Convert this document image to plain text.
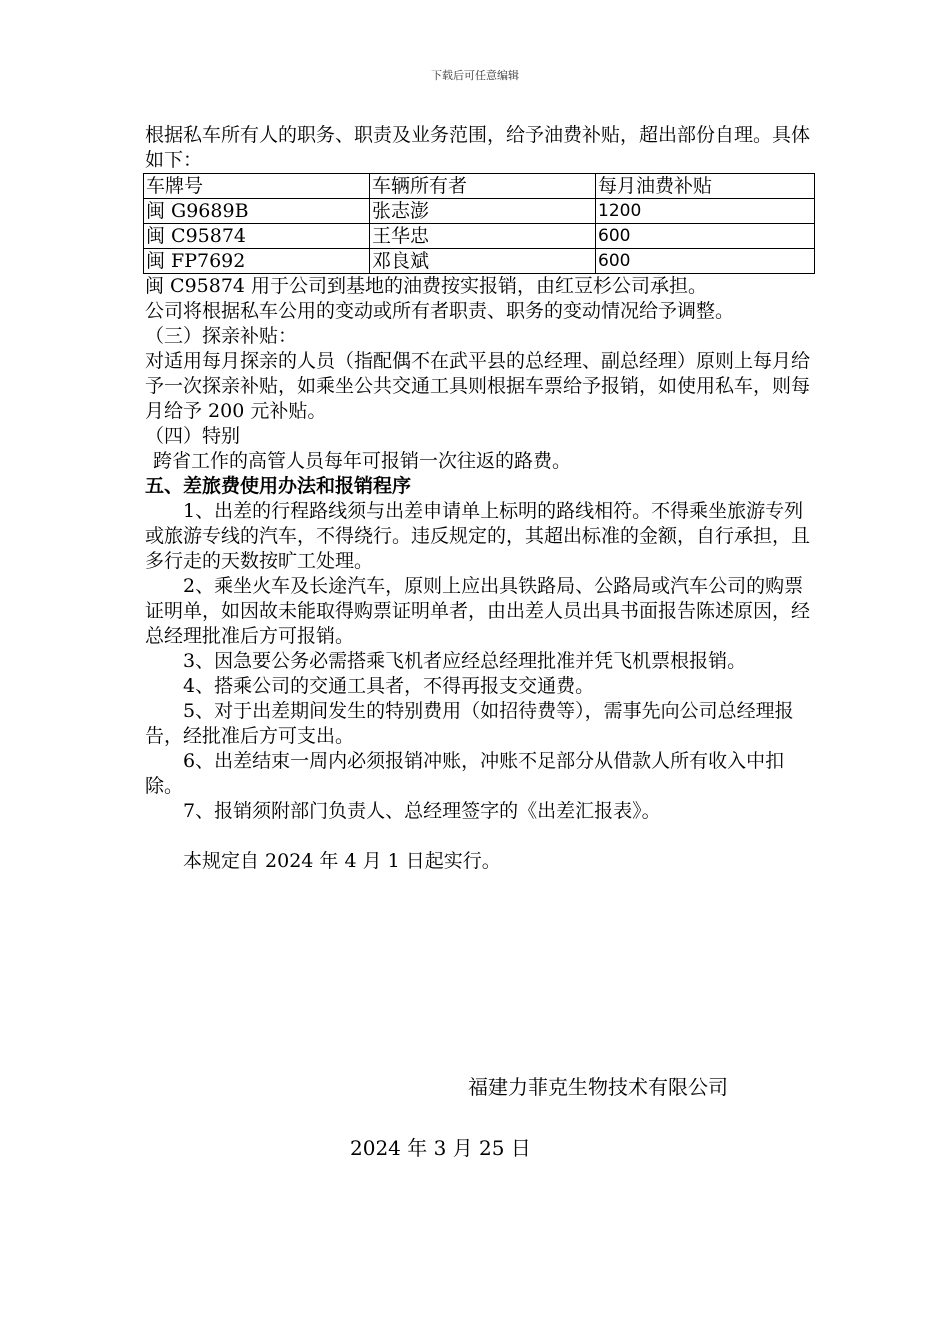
下载后可任意编辑

根据私车所有人的职务、职责及业务范围，给予油费补贴，超出部份自理。具体如下：

车牌号	车辆所有者	每月油费补贴
闽 G9689B	张志澎	1200
闽 C95874	王华忠	600
闽 FP7692	邓良斌	600

闽 C95874 用于公司到基地的油费按实报销，由红豆杉公司承担。

公司将根据私车公用的变动或所有者职责、职务的变动情况给予调整。

（三）探亲补贴：

对适用每月探亲的人员（指配偶不在武平县的总经理、副总经理）原则上每月给予一次探亲补贴，如乘坐公共交通工具则根据车票给予报销，如使用私车，则每月给予 200 元补贴。

（四）特别

跨省工作的高管人员每年可报销一次往返的路费。

五、差旅费使用办法和报销程序

1、出差的行程路线须与出差申请单上标明的路线相符。不得乘坐旅游专列或旅游专线的汽车，不得绕行。违反规定的，其超出标准的金额，自行承担，且多行走的天数按旷工处理。

2、乘坐火车及长途汽车，原则上应出具铁路局、公路局或汽车公司的购票证明单，如因故未能取得购票证明单者，由出差人员出具书面报告陈述原因，经总经理批准后方可报销。

3、因急要公务必需搭乘飞机者应经总经理批准并凭飞机票根报销。

4、搭乘公司的交通工具者，不得再报支交通费。

5、对于出差期间发生的特别费用（如招待费等），需事先向公司总经理报告，经批准后方可支出。

6、出差结束一周内必须报销冲账，冲账不足部分从借款人所有收入中扣除。

7、报销须附部门负责人、总经理签字的《出差汇报表》。

本规定自 2024 年 4 月 1 日起实行。

福建力菲克生物技术有限公司
2024 年 3 月 25 日
